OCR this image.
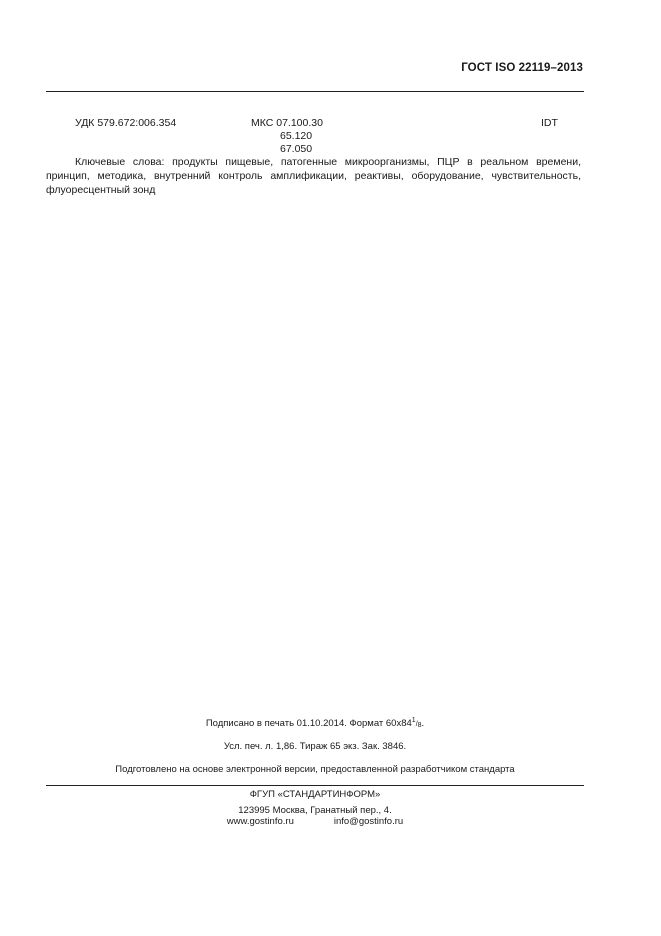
ГОСТ ISO 22119–2013
УДК 579.672:006.354	МКС 07.100.30
65.120
67.050
IDT
Ключевые слова: продукты пищевые, патогенные микроорганизмы, ПЦР в реальном времени, принцип, методика, внутренний контроль амплификации, реактивы, оборудование, чувствительность, флуоресцентный зонд
Подписано в печать 01.10.2014. Формат $60х84^1/_8$.
Усл. печ. л. 1,86. Тираж 65 экз. Зак. 3846.
Подготовлено на основе электронной версии, предоставленной разработчиком стандарта
ФГУП «СТАНДАРТИНФОРМ»
123995 Москва, Гранатный пер., 4.
www.gostinfo.ru	info@gostinfo.ru
